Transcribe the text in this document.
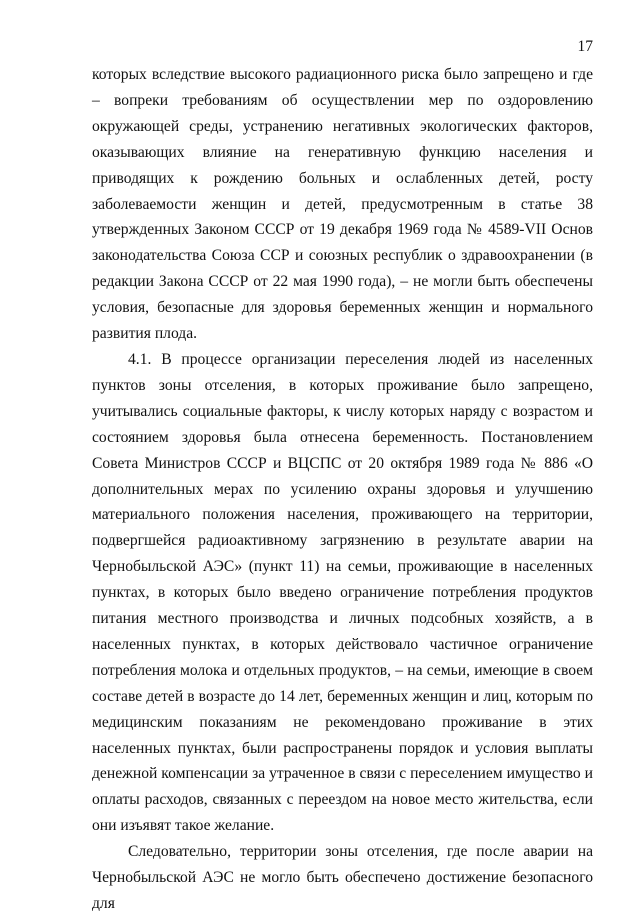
17

которых вследствие высокого радиационного риска было запрещено и где – вопреки требованиям об осуществлении мер по оздоровлению окружающей среды, устранению негативных экологических факторов, оказывающих влияние на генеративную функцию населения и приводящих к рождению больных и ослабленных детей, росту заболеваемости женщин и детей, предусмотренным в статье 38 утвержденных Законом СССР от 19 декабря 1969 года № 4589-VII Основ законодательства Союза ССР и союзных республик о здравоохранении (в редакции Закона СССР от 22 мая 1990 года), – не могли быть обеспечены условия, безопасные для здоровья беременных женщин и нормального развития плода.

4.1. В процессе организации переселения людей из населенных пунктов зоны отселения, в которых проживание было запрещено, учитывались социальные факторы, к числу которых наряду с возрастом и состоянием здоровья была отнесена беременность. Постановлением Совета Министров СССР и ВЦСПС от 20 октября 1989 года № 886 «О дополнительных мерах по усилению охраны здоровья и улучшению материального положения населения, проживающего на территории, подвергшейся радиоактивному загрязнению в результате аварии на Чернобыльской АЭС» (пункт 11) на семьи, проживающие в населенных пунктах, в которых было введено ограничение потребления продуктов питания местного производства и личных подсобных хозяйств, а в населенных пунктах, в которых действовало частичное ограничение потребления молока и отдельных продуктов, – на семьи, имеющие в своем составе детей в возрасте до 14 лет, беременных женщин и лиц, которым по медицинским показаниям не рекомендовано проживание в этих населенных пунктах, были распространены порядок и условия выплаты денежной компенсации за утраченное в связи с переселением имущество и оплаты расходов, связанных с переездом на новое место жительства, если они изъявят такое желание.

Следовательно, территории зоны отселения, где после аварии на Чернобыльской АЭС не могло быть обеспечено достижение безопасного для
